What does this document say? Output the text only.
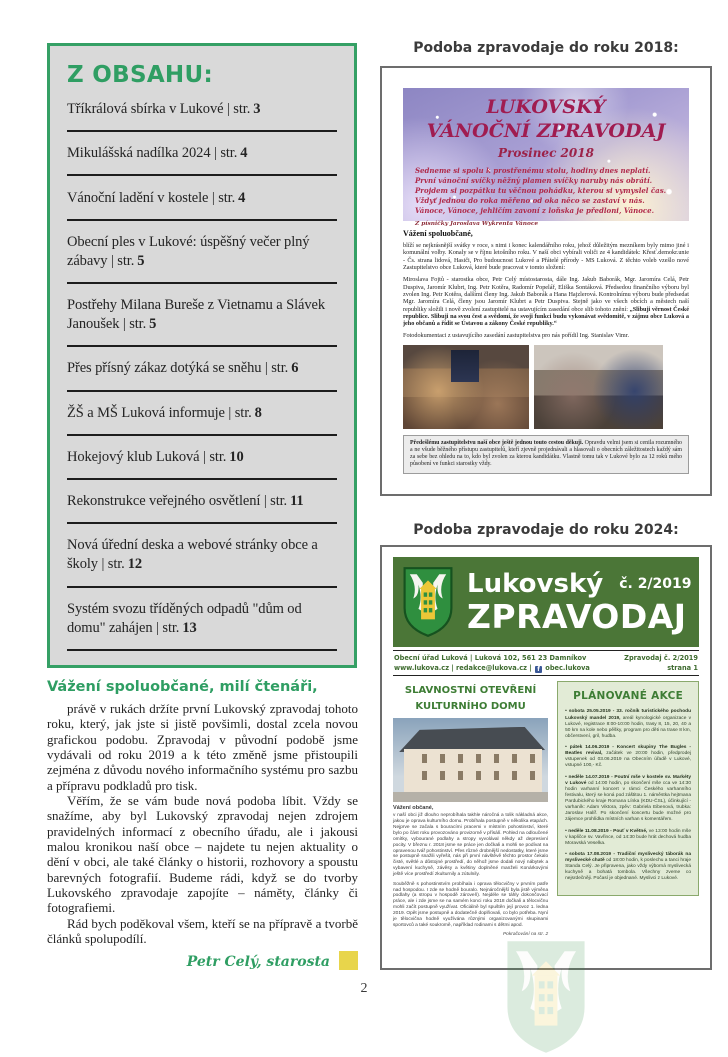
Z OBSAHU:
Tříkrálová sbírka v Lukové | str. 3
Mikulášská nadílka 2024 | str. 4
Vánoční ladění v kostele | str. 4
Obecní ples v Lukové: úspěšný večer plný zábavy | str. 5
Postřehy Milana Bureše z Vietnamu a Slávek Janoušek | str. 5
Přes přísný zákaz dotýká se sněhu | str. 6
ŽŠ a MŠ Luková informuje | str. 8
Hokejový klub Luková | str. 10
Rekonstrukce veřejného osvětlení | str. 11
Nová úřední deska a webové stránky obce a školy | str. 12
Systém svozu tříděných odpadů "dům od domu" zahájen | str. 13
Vážení spoluobčané, milí čtenáři,

právě v rukách držíte první Lukovský zpravodaj tohoto roku, který, jak jste si jistě povšimli, dostal zcela novou grafickou podobu. Zpravodaj v původní podobě jsme vydávali od roku 2019 a k této změně jsme přistoupili zejména z důvodu nového informačního systému pro sazbu a přípravu podkladů pro tisk.

Věřím, že se vám bude nová podoba líbit. Vždy se snažíme, aby byl Lukovský zpravodaj nejen zdrojem pravidelných informací z obecního úřadu, ale i jakousi malou kronikou naší obce – najdete tu nejen aktuality o dění v obci, ale také články o historii, rozhovory a spoustu barevných fotografií. Budeme rádi, když se do tvorby Lukovského zpravodaje zapojíte – náměty, články či fotografiemi.

Rád bych poděkoval všem, kteří se na přípravě a tvorbě článků spolupodílí.

Petr Celý, starosta
Podoba zpravodaje do roku 2018:
LUKOVSKÝ
VÁNOČNÍ ZPRAVODAJ
Prosinec 2018
Sedneme si spolu k prostřenému stolu, hodiny dnes neplatí.
První vánoční svíčky něžný plamen svíčky naruby nás obrátí.
Projdem si pozpátku tu věčnou pohádku, kterou si vymyslel čas.
Vždyť jednou do roka měřeno od oka něco se zastaví v nás.
Vánoce, Vánoce, jehličím zavoní z loňska je předloni, Vánoce.
Z písničky Jaroslava Wykrenta Vánoce
Vážení spoluobčané,

blíží se nejkrásnější svátky v roce, s nimi i konec kalendářního roku, jehož důležitým mezníkem byly mimo jiné i komunální volby. Konaly se v říjnu letošního roku. V naší obci vybírali voliči ze 4 kandidátek: Křesť.demokr.unie - Čs. strana lidová, Hasiči, Pro budoucnost Lukové a Přátelé přírody - MS Luková. Z těchto voleb vzešlo nové Zastupitelstvo obce Luková, které bude pracovat v tomto složení:

Miroslava Fojtů - starostka obce, Petr Celý místostarosta, dále Ing. Jakub Baborák, Mgr. Jaromíra Celá, Petr Duspiva, Jaromír Klubrt, Ing. Petr Kotěra, Radomír Popelář, Eliška Sontáková. Předsedou finančního výboru byl zvolen Ing. Petr Kotěra, dalšími členy Ing. Jakub Baborák a Hana Hajzlerová. Kontrolnímu výboru bude předsedat Mgr. Jaromíra Celá, členy jsou Jaromír Klubrt a Petr Duspiva. Stejně jako ve všech obcích a městech naší republiky složili i nově zvolení zastupitelé na ustavujícím zasedání obce slib tohoto znění: „Slibuji věrnost České republice. Slibuji na svou čest a svědomí, že svoji funkci budu vykonávat svědomitě, v zájmu obce Luková a jeho občanů a řídit se Ústavou a zákony České republiky.“

Fotodokumentaci z ustavujícího zasedání zastupitelstva pro nás pořídil Ing. Stanislav Vimr.

Předešlému zastupitelstvu naší obce ještě jednou touto cestou děkuji. Opravdu velmi jsem si cenila rozumného a ne všude běžného přístupu zastupitelů, kteří zjevně projednávali a hlasovali o obecních záležitostech každý sám za sebe bez ohledu na to, kdo byl zvolen za kterou kandidátku. Vlastně tomu tak v Lukové bylo za 12 roků mého působení ve funkci starostky vždy.
Podoba zpravodaje do roku 2024:
Lukovský č. 2/2019
ZPRAVODAJ
Obecní úřad Luková | Luková 102, 561 23 Damníkov
www.lukova.cz | redakce@lukova.cz | f obec.lukova
Zpravodaj č. 2/2019
strana 1
SLAVNOSTNÍ OTEVŘENÍ
KULTURNÍHO DOMU
Vážení občané,

v naší obci již dlouho neprobíhala takhle náročná a tolik nákladná akce, jakou je oprava kulturního domu. Probíhala postupně v několika etapách. Nejprve se začala s bouracími pracemi v místním pohostinství, které bylo po část roku provozováno provizorně v přísálí. Pohled na odloučené omítky, vybourané podlahy a stropy vyvolával někdy až depresivní pocity. V březnu r. 2018 jsme se práce jen dočkali a mohli se podívat na opravenou tvář pohostinství. Přes různé drobnější nedostatky, které jsme se postupně snažili vyřešit, nás při první návštěvě těchto prostor čekalo čisté, světlé a důstojné prostředí, do něhož jsme dodali nový nábytek a vybavení kuchyně, závěsy a květiny doplněné manželi Konárkovými ještě více prostředí zkulturnily a zútulnily.

Souběžně s pohostinstvím probíhala i oprava tělocvičny v prvním patře nad hospodou. I zde se hodně bouralo. Nejnáročnější byla jistě výměna podlahy (a stropu v hospodě zároveň). Nejdéle se táhly dokončovací práce, ale i zde jsme se na samém konci roku 2018 dočkali a tělocvičnu mohli začít postupně využívat. Oficiálně byl spuštěn její provoz 1. ledna 2019. Opět jsme postupně a dodatečně doplňovali, co bylo potřeba. Nyní je tělocvična hodně využívána různými organizovanými skupinami sportovců a také soukromě, například rodinami s dětmi apod.

Pokračování na str. 2
PLÁNOVANÉ AKCE

• sobota 25.05.2019 - 33. ročník turistického pochodu Lukovský mandel 2019, areál kynologické organizace v Lukové, registrace 8:00-10:00 hodin, trasy 8, 15, 20, 40 a 50 km na kole nebo pěšky, program pro děti na trase 8 km, občerstvení, gril, hudba.

• pátek 14.06.2019 - Koncert skupiny The Bugles - Beatles revival, začátek ve 20:00 hodin, předprodej vstupenek od 03.06.2019 na Obecním úřadě v Lukové, vstupné 100,- Kč.

• neděle 14.07.2019 - Poutní mše v kostele sv. Markéty v Lukové od 14:00 hodin, po skončení mše cca ve 14:30 hodin varhanní koncert v rámci Českého varhanního festivalu, který se koná pod záštitou 1. náměstka hejtmana Pardubického kraje Romana Línka (KDU-ČSL), účinkující - varhaník: Adam Viktora, zpěv: Gabriela Eibenová, trubka: Jaroslav Halíř. Po skončení koncertu bude možné pro zájemce prohlídka místních varhan s komentářem.

• neděle 11.08.2019 - Pouť v Květné, ve 13:00 hodin mše v kapličce sv. Vavřince, od 14:30 bude hrát dechová hudba Moravská Veselka.

• sobota 17.08.2019 - Tradiční myslivecký táborák na myslivecké chatě od 18:00 hodin, k poslechu a tanci hraje Standa Celý. Je připravena, jako vždy výborná myslivecká kuchyně a bohatá tombola. Všechny zveme co nejsrdečněji. Počasí je objednané. Myslivci z Lukové.

2
